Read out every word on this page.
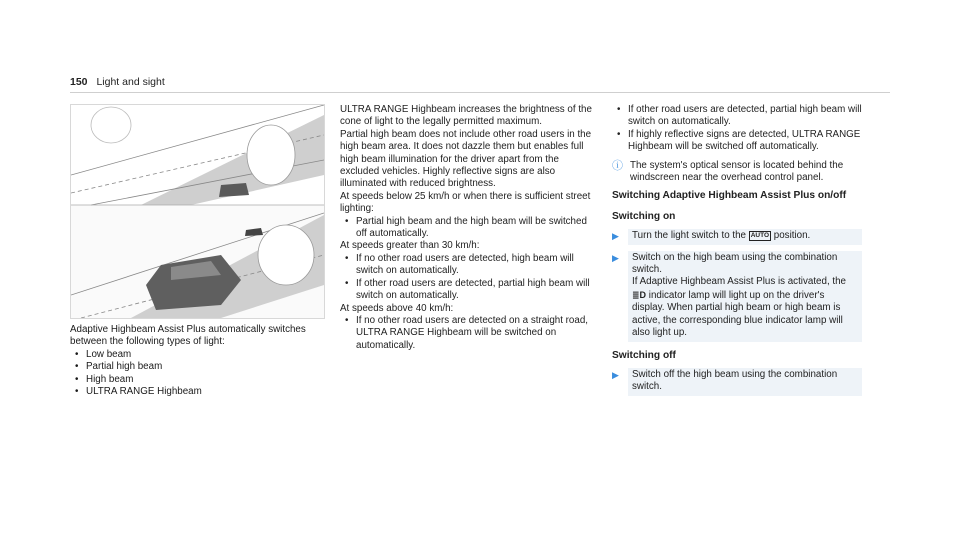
150 Light and sight

Adaptive Highbeam Assist Plus automatically switches between the following types of light:

• Low beam
• Partial high beam
• High beam
• ULTRA RANGE Highbeam

ULTRA RANGE Highbeam increases the brightness of the cone of light to the legally permitted maximum.

Partial high beam does not include other road users in the high beam area. It does not dazzle them but enables full high beam illumination for the driver apart from the excluded vehicles. Highly reflective signs are also illuminated with reduced brightness.

At speeds below 25 km/h or when there is sufficient street lighting:

• Partial high beam and the high beam will be switched off automatically.

At speeds greater than 30 km/h:

• If no other road users are detected, high beam will switch on automatically.
• If other road users are detected, partial high beam will switch on automatically.

At speeds above 40 km/h:

• If no other road users are detected on a straight road, ULTRA RANGE Highbeam will be switched on automatically.
• If other road users are detected, partial high beam will switch on automatically.
• If highly reflective signs are detected, ULTRA RANGE Highbeam will be switched off automatically.
ⓘ The system's optical sensor is located behind the windscreen near the overhead control panel.

Switching Adaptive Highbeam Assist Plus on/off

Switching on

▶	Turn the light switch to the AUTO position.
▶	Switch on the high beam using the combination switch.
If Adaptive Highbeam Assist Plus is activated, the ≣D indicator lamp will light up on the driver's display. When partial high beam or high beam is active, the corresponding blue indicator lamp will also light up.

Switching off

▶	Switch off the high beam using the combination switch.
